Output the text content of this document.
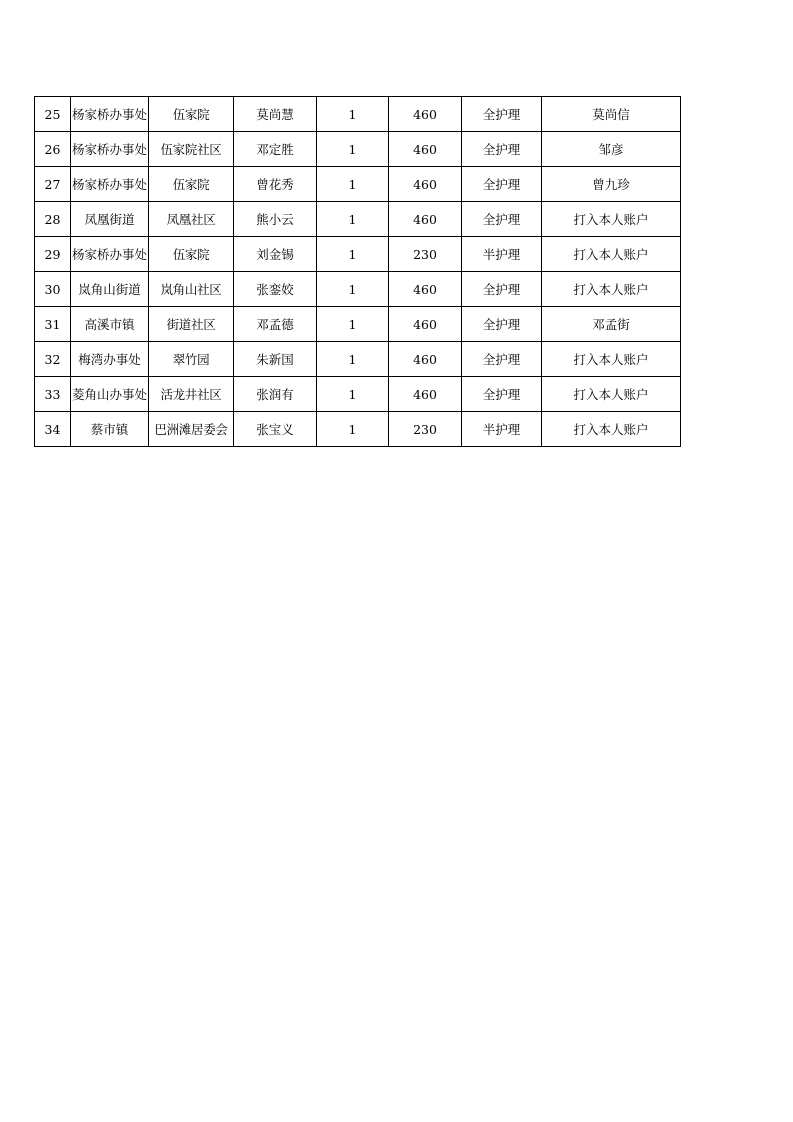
25	杨家桥办事处	伍家院	莫尚慧	1	460	全护理	莫尚信
26	杨家桥办事处	伍家院社区	邓定胜	1	460	全护理	邹彦
27	杨家桥办事处	伍家院	曾花秀	1	460	全护理	曾九珍
28	凤凰街道	凤凰社区	熊小云	1	460	全护理	打入本人账户
29	杨家桥办事处	伍家院	刘金锡	1	230	半护理	打入本人账户
30	岚角山街道	岚角山社区	张銮姣	1	460	全护理	打入本人账户
31	高溪市镇	街道社区	邓孟德	1	460	全护理	邓孟街
32	梅湾办事处	翠竹园	朱新国	1	460	全护理	打入本人账户
33	菱角山办事处	活龙井社区	张润有	1	460	全护理	打入本人账户
34	蔡市镇	巴洲滩居委会	张宝义	1	230	半护理	打入本人账户
